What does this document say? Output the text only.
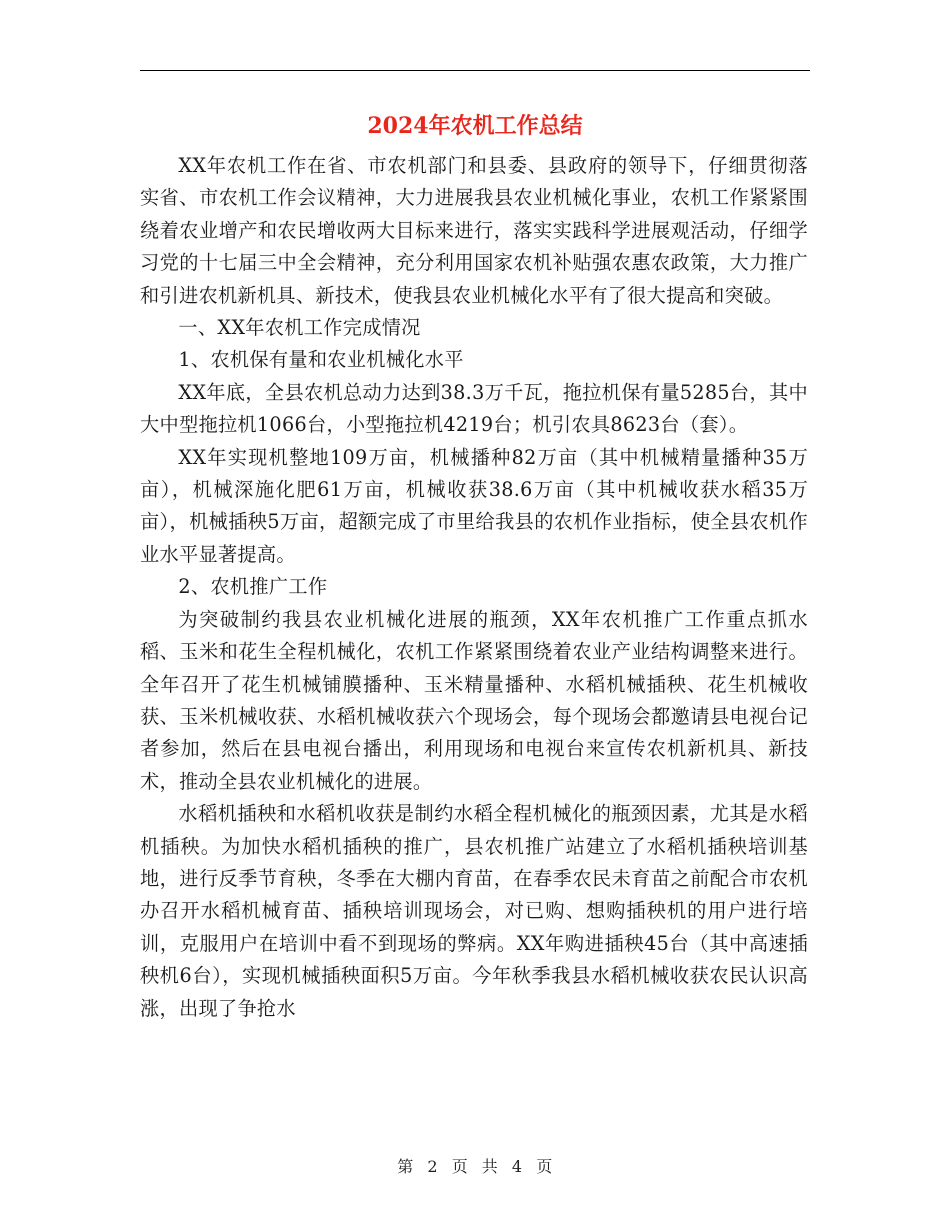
2024年农机工作总结

XX年农机工作在省、市农机部门和县委、县政府的领导下，仔细贯彻落实省、市农机工作会议精神，大力进展我县农业机械化事业，农机工作紧紧围绕着农业增产和农民增收两大目标来进行，落实实践科学进展观活动，仔细学习党的十七届三中全会精神，充分利用国家农机补贴强农惠农政策，大力推广和引进农机新机具、新技术，使我县农业机械化水平有了很大提高和突破。

一、XX年农机工作完成情况

1、农机保有量和农业机械化水平

XX年底，全县农机总动力达到38.3万千瓦，拖拉机保有量5285台，其中大中型拖拉机1066台，小型拖拉机4219台；机引农具8623台（套）。

XX年实现机整地109万亩，机械播种82万亩（其中机械精量播种35万亩），机械深施化肥61万亩，机械收获38.6万亩（其中机械收获水稻35万亩），机械插秧5万亩，超额完成了市里给我县的农机作业指标，使全县农机作业水平显著提高。

2、农机推广工作

为突破制约我县农业机械化进展的瓶颈，XX年农机推广工作重点抓水稻、玉米和花生全程机械化，农机工作紧紧围绕着农业产业结构调整来进行。全年召开了花生机械铺膜播种、玉米精量播种、水稻机械插秧、花生机械收获、玉米机械收获、水稻机械收获六个现场会，每个现场会都邀请县电视台记者参加，然后在县电视台播出，利用现场和电视台来宣传农机新机具、新技术，推动全县农业机械化的进展。

水稻机插秧和水稻机收获是制约水稻全程机械化的瓶颈因素，尤其是水稻机插秧。为加快水稻机插秧的推广，县农机推广站建立了水稻机插秧培训基地，进行反季节育秧，冬季在大棚内育苗，在春季农民未育苗之前配合市农机办召开水稻机械育苗、插秧培训现场会，对已购、想购插秧机的用户进行培训，克服用户在培训中看不到现场的弊病。XX年购进插秧45台（其中高速插秧机6台），实现机械插秧面积5万亩。今年秋季我县水稻机械收获农民认识高涨，出现了争抢水

第 2 页 共 4 页
